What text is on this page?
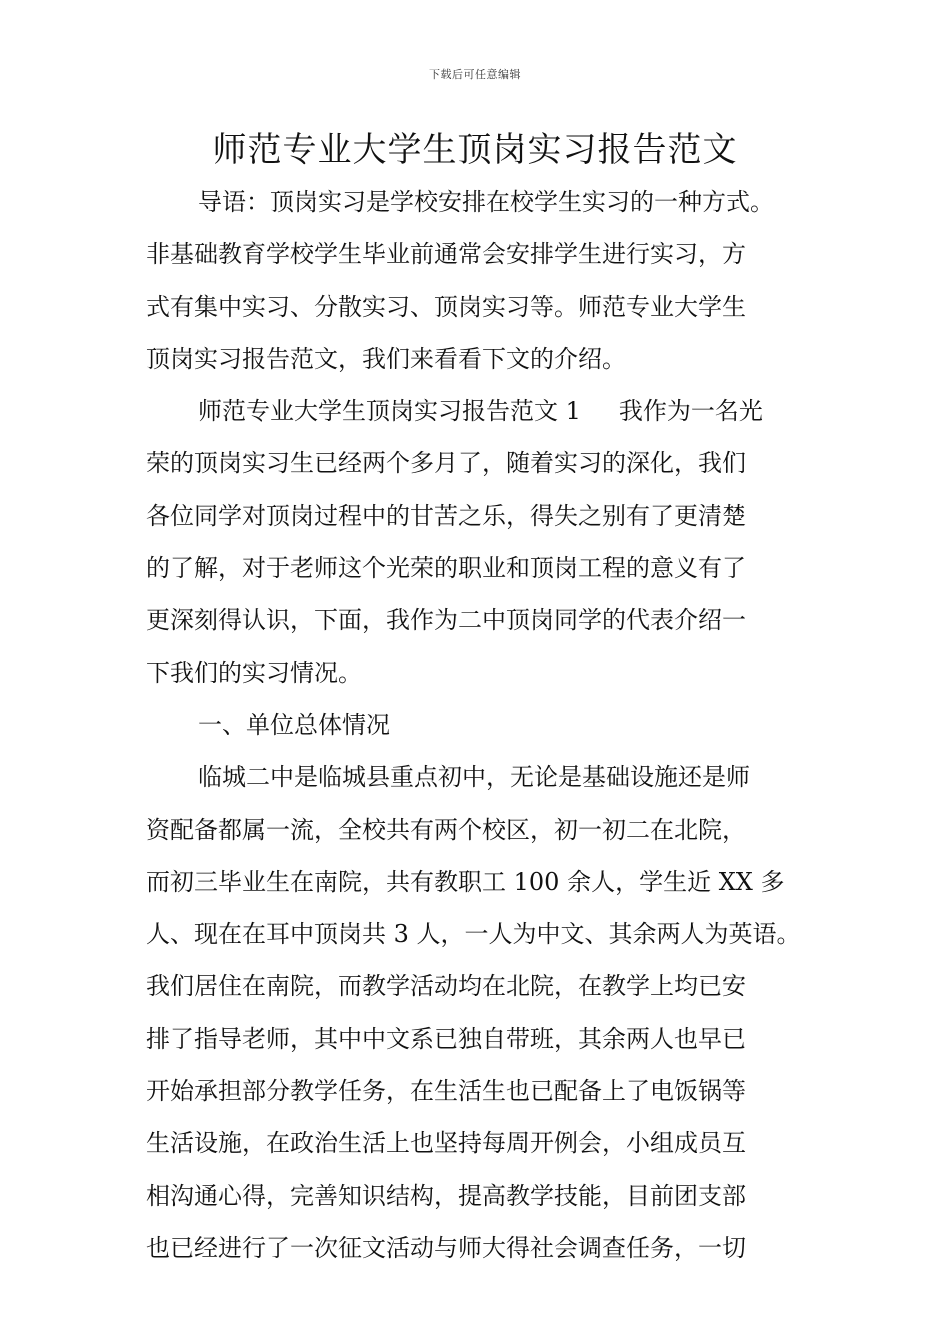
下载后可任意编辑
师范专业大学生顶岗实习报告范文
导语：顶岗实习是学校安排在校学生实习的一种方式。
非基础教育学校学生毕业前通常会安排学生进行实习，方
式有集中实习、分散实习、顶岗实习等。师范专业大学生
顶岗实习报告范文，我们来看看下文的介绍。
师范专业大学生顶岗实习报告范文 1 我作为一名光
荣的顶岗实习生已经两个多月了，随着实习的深化，我们
各位同学对顶岗过程中的甘苦之乐，得失之别有了更清楚
的了解，对于老师这个光荣的职业和顶岗工程的意义有了
更深刻得认识，下面，我作为二中顶岗同学的代表介绍一
下我们的实习情况。
一、单位总体情况
临城二中是临城县重点初中，无论是基础设施还是师
资配备都属一流，全校共有两个校区，初一初二在北院，
而初三毕业生在南院，共有教职工 100 余人，学生近 XX 多
人、现在在耳中顶岗共 3 人，一人为中文、其余两人为英语。
我们居住在南院，而教学活动均在北院，在教学上均已安
排了指导老师，其中中文系已独自带班，其余两人也早已
开始承担部分教学任务，在生活生也已配备上了电饭锅等
生活设施，在政治生活上也坚持每周开例会，小组成员互
相沟通心得，完善知识结构，提高教学技能，目前团支部
也已经进行了一次征文活动与师大得社会调查任务，一切
